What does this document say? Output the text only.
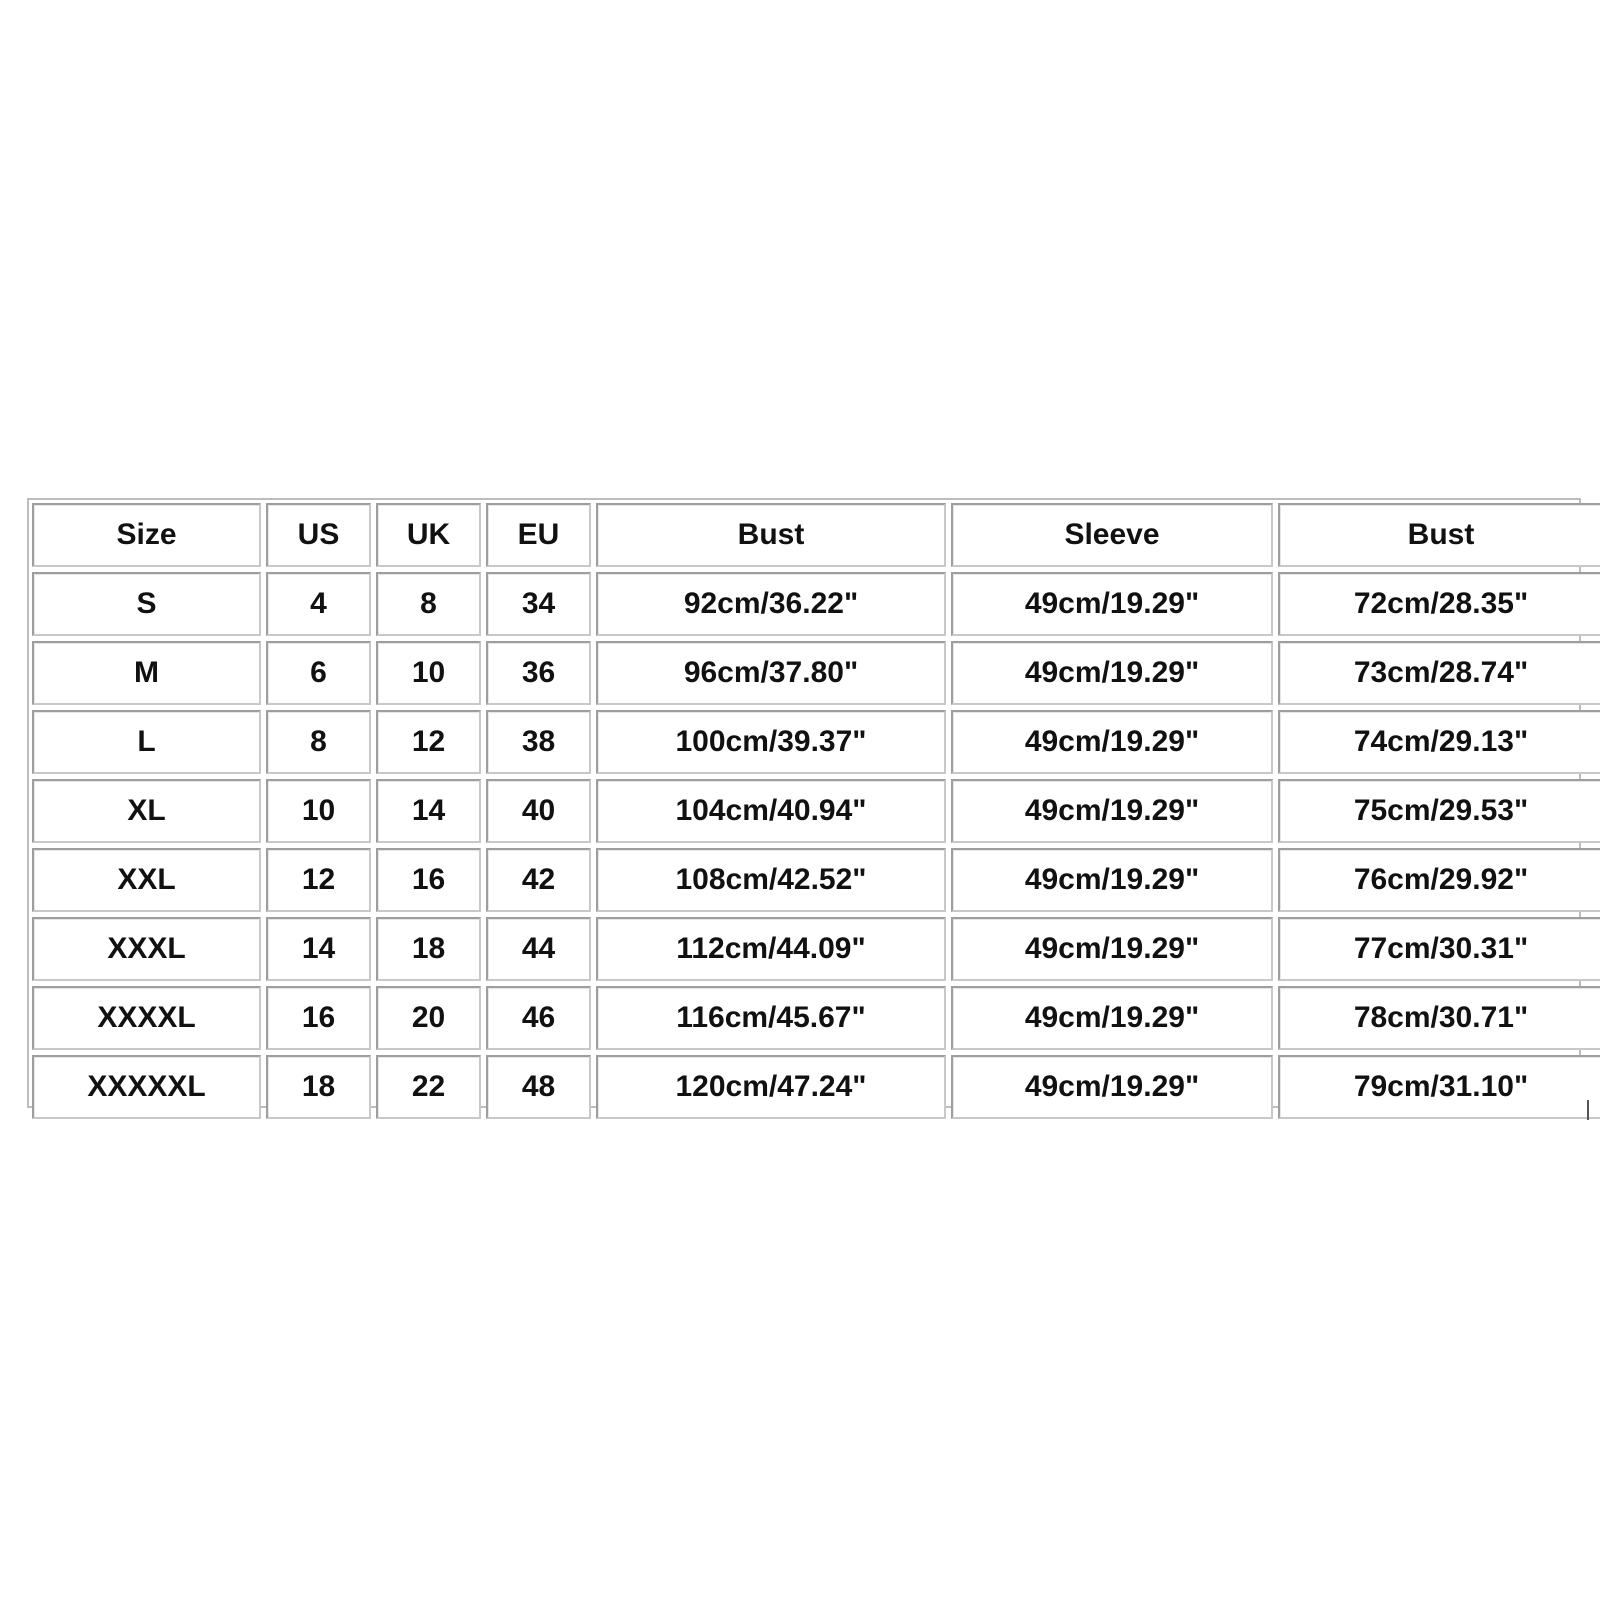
Size	US	UK	EU	Bust	Sleeve	Bust
S	4	8	34	92cm/36.22"	49cm/19.29"	72cm/28.35"
M	6	10	36	96cm/37.80"	49cm/19.29"	73cm/28.74"
L	8	12	38	100cm/39.37"	49cm/19.29"	74cm/29.13"
XL	10	14	40	104cm/40.94"	49cm/19.29"	75cm/29.53"
XXL	12	16	42	108cm/42.52"	49cm/19.29"	76cm/29.92"
XXXL	14	18	44	112cm/44.09"	49cm/19.29"	77cm/30.31"
XXXXL	16	20	46	116cm/45.67"	49cm/19.29"	78cm/30.71"
XXXXXL	18	22	48	120cm/47.24"	49cm/19.29"	79cm/31.10"
